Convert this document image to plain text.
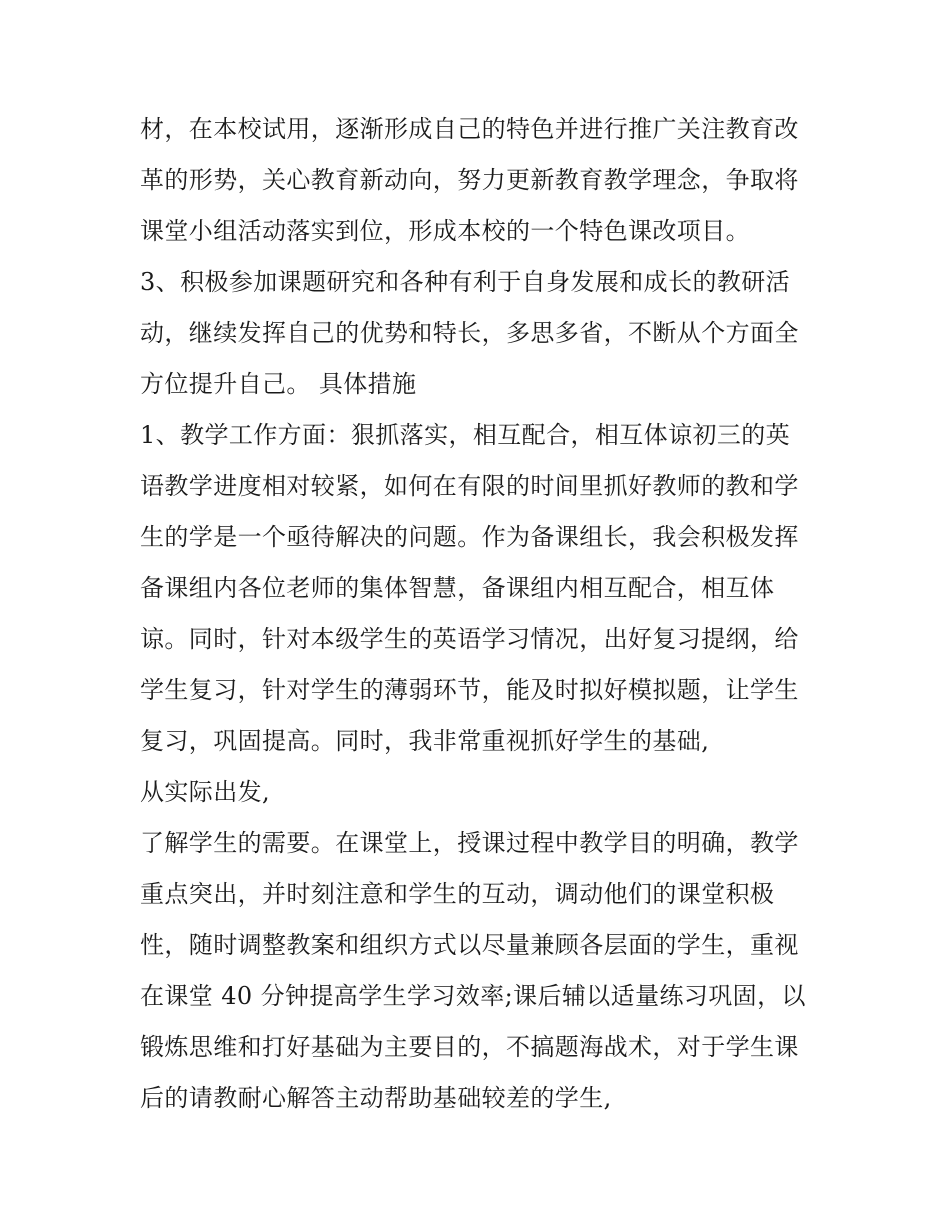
材，在本校试用，逐渐形成自己的特色并进行推广关注教育改
革的形势，关心教育新动向，努力更新教育教学理念，争取将
课堂小组活动落实到位，形成本校的一个特色课改项目。
3、积极参加课题研究和各种有利于自身发展和成长的教研活
动，继续发挥自己的优势和特长，多思多省，不断从个方面全
方位提升自己。 具体措施
1、教学工作方面：狠抓落实，相互配合，相互体谅初三的英
语教学进度相对较紧，如何在有限的时间里抓好教师的教和学
生的学是一个亟待解决的问题。作为备课组长，我会积极发挥
备课组内各位老师的集体智慧，备课组内相互配合，相互体
谅。同时，针对本级学生的英语学习情况，出好复习提纲，给
学生复习，针对学生的薄弱环节，能及时拟好模拟题，让学生
复习，巩固提高。同时，我非常重视抓好学生的基础,
从实际出发,
了解学生的需要。在课堂上，授课过程中教学目的明确，教学
重点突出，并时刻注意和学生的互动，调动他们的课堂积极
性，随时调整教案和组织方式以尽量兼顾各层面的学生，重视
在课堂 40 分钟提高学生学习效率;课后辅以适量练习巩固，以
锻炼思维和打好基础为主要目的，不搞题海战术，对于学生课
后的请教耐心解答主动帮助基础较差的学生,
